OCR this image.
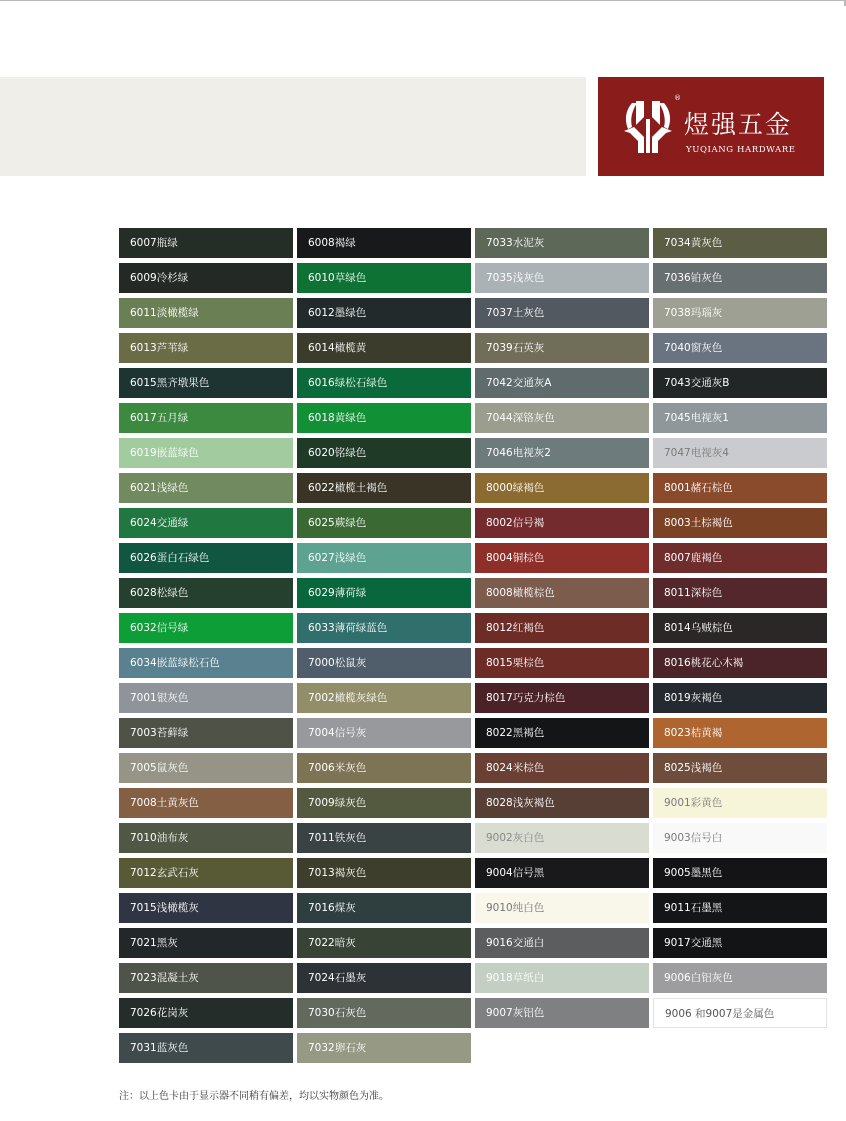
®
煜强五金
YUQIANG HARDWARE
6007瓶绿
6009冷杉绿
6011淡橄榄绿
6013芦苇绿
6015黑齐墩果色
6017五月绿
6019嵌蓝绿色
6021浅绿色
6024交通绿
6026蛋白石绿色
6028松绿色
6032信号绿
6034嵌蓝绿松石色
7001银灰色
7003苔藓绿
7005鼠灰色
7008土黄灰色
7010油布灰
7012玄武石灰
7015浅橄榄灰
7021黑灰
7023混凝土灰
7026花岗灰
7031蓝灰色
6008褐绿
6010草绿色
6012墨绿色
6014橄榄黄
6016绿松石绿色
6018黄绿色
6020铭绿色
6022橄榄土褐色
6025蕨绿色
6027浅绿色
6029薄荷绿
6033薄荷绿蓝色
7000松鼠灰
7002橄榄灰绿色
7004信号灰
7006米灰色
7009绿灰色
7011铁灰色
7013褐灰色
7016煤灰
7022暗灰
7024石墨灰
7030石灰色
7032卵石灰
7033水泥灰
7035浅灰色
7037土灰色
7039石英灰
7042交通灰A
7044深铬灰色
7046电视灰2
8000绿褐色
8002信号褐
8004铜棕色
8008橄榄棕色
8012红褐色
8015栗棕色
8017巧克力棕色
8022黑褐色
8024米棕色
8028浅灰褐色
9002灰白色
9004信号黑
9010纯白色
9016交通白
9018草纸白
9007灰铝色
7034黄灰色
7036铂灰色
7038玛瑙灰
7040窗灰色
7043交通灰B
7045电视灰1
7047电视灰4
8001赭石棕色
8003土棕褐色
8007鹿褐色
8011深棕色
8014乌贼棕色
8016桃花心木褐
8019灰褐色
8023桔黄褐
8025浅褐色
9001彩黄色
9003信号白
9005墨黑色
9011石墨黑
9017交通黑
9006白铝灰色
9006 和9007是金属色
注：以上色卡由于显示器不同稍有偏差，均以实物颜色为准。
